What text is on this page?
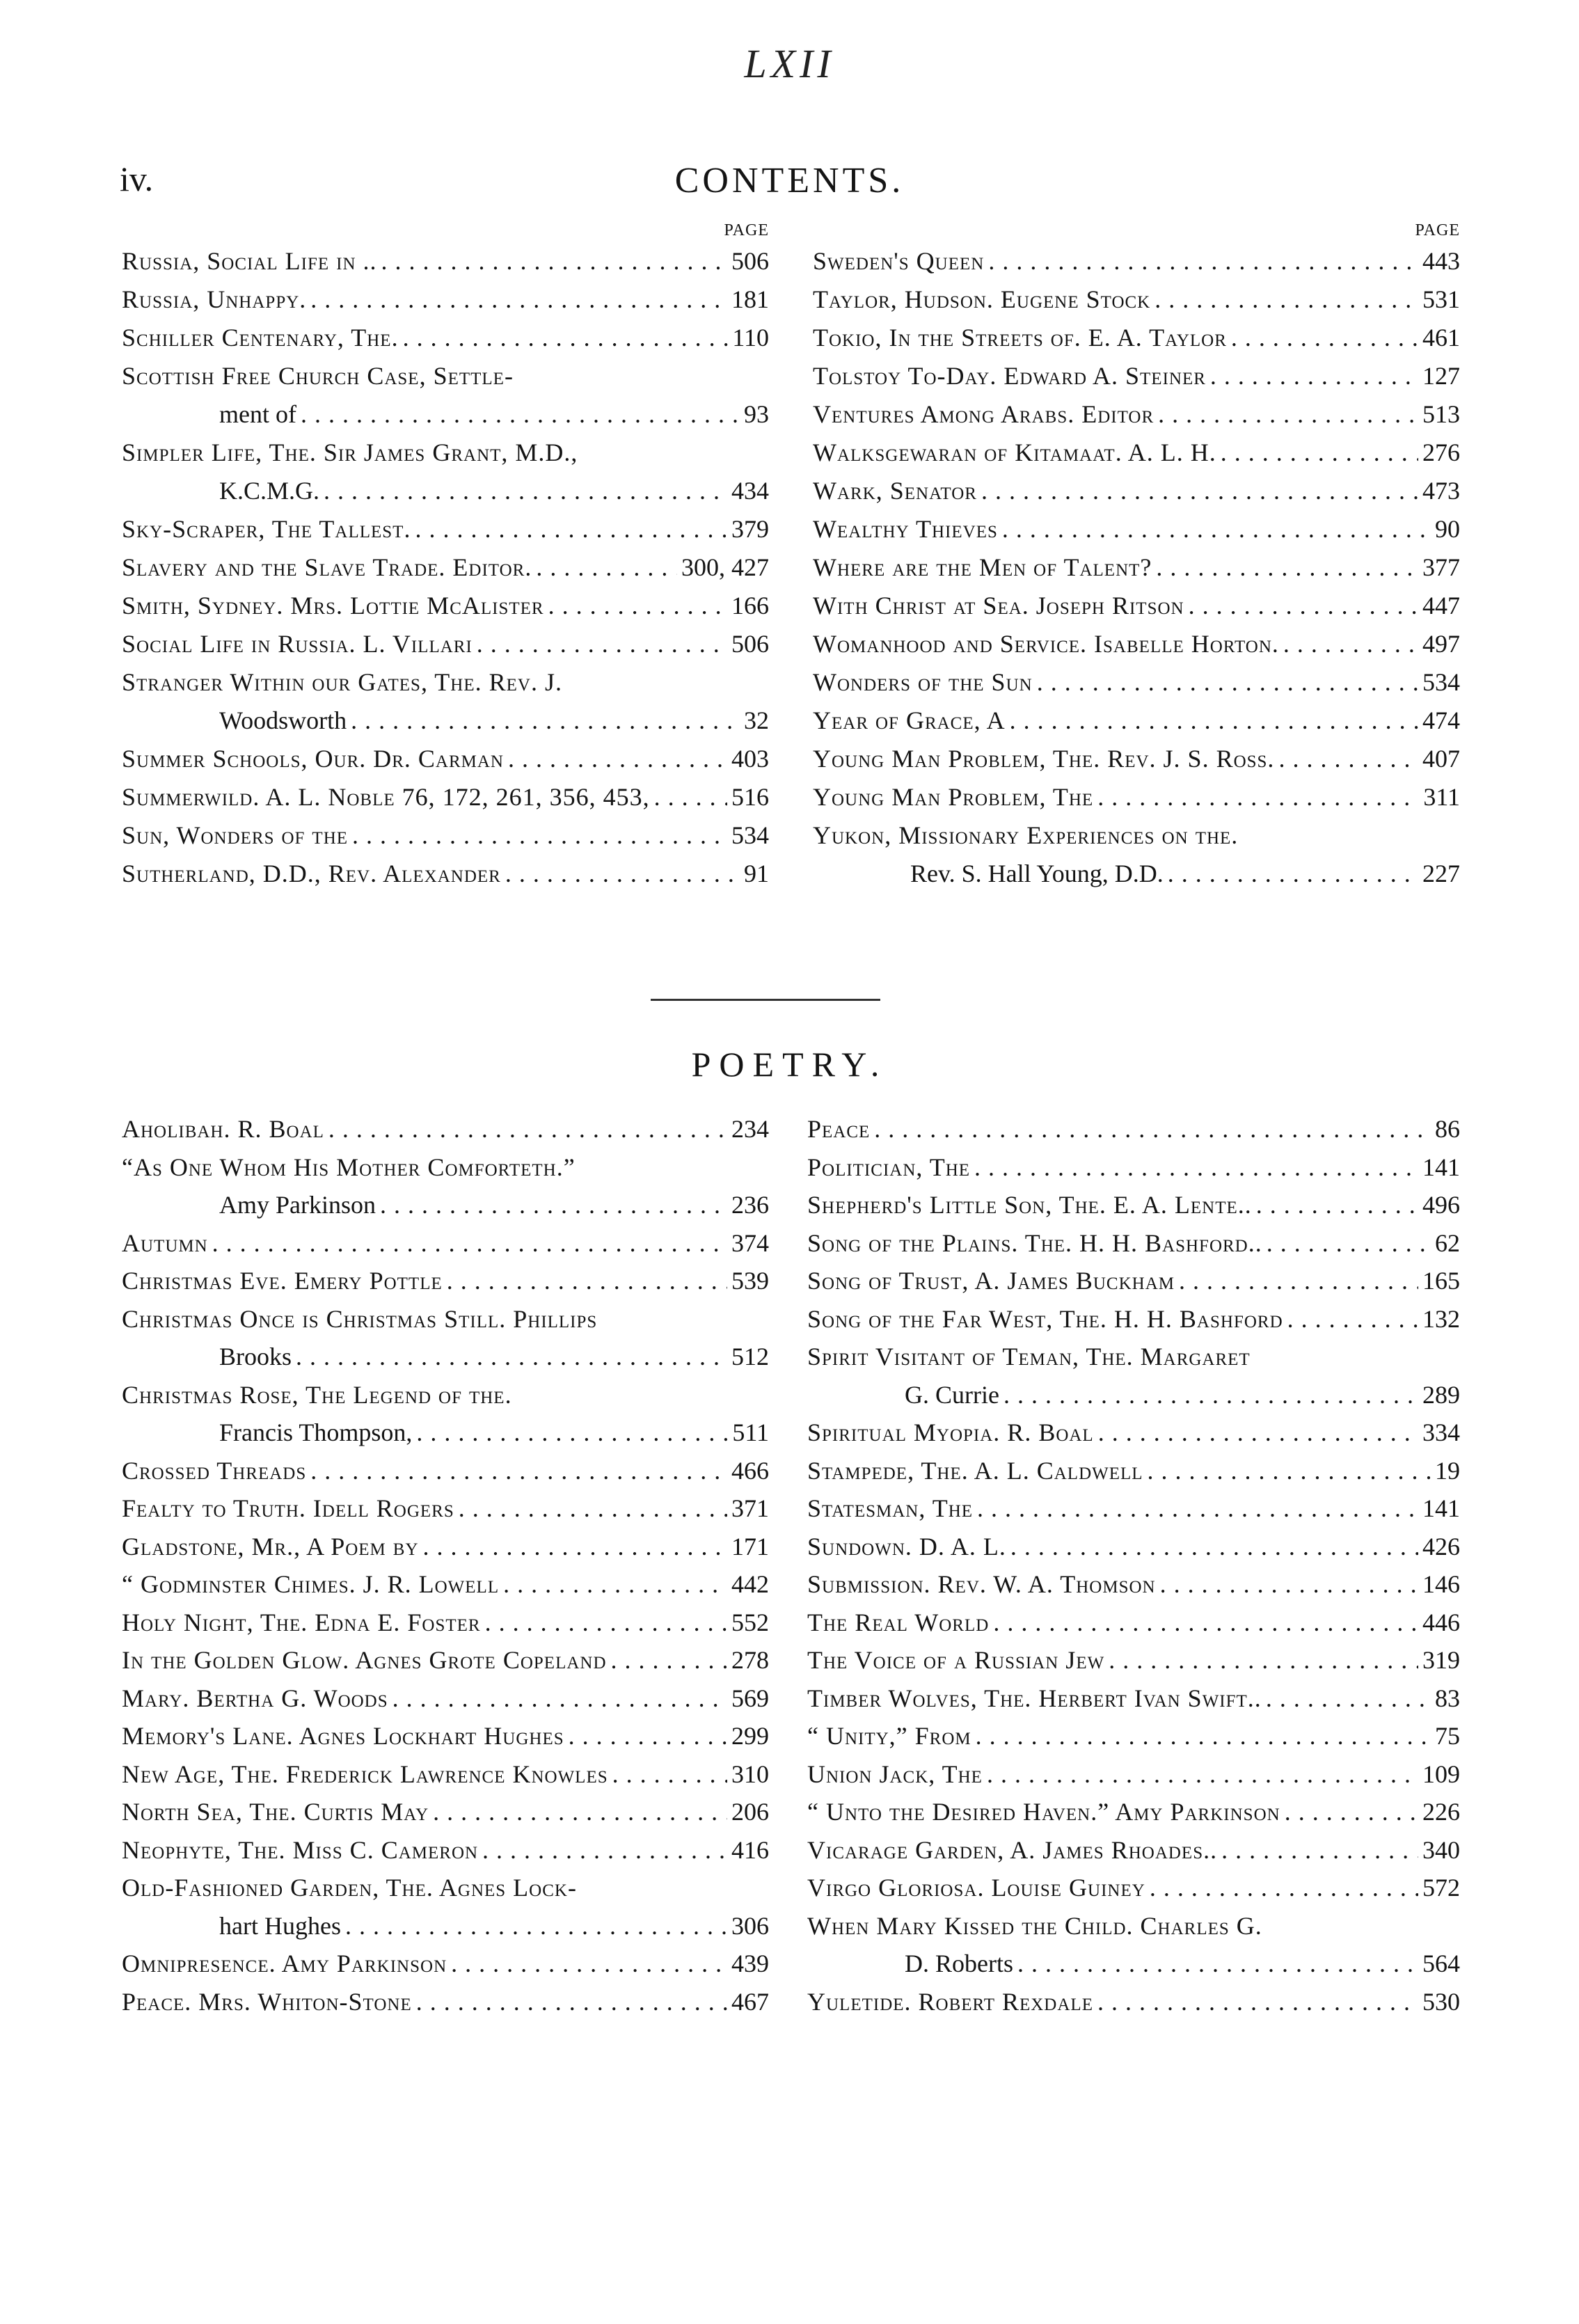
LXII
iv.	CONTENTS.
PAGE
Russia, Social Life in .. . . .	506
Russia, Unhappy. . . .	181
Schiller Centenary, The. . . .	110
Scottish Free Church Case, Settle-
ment of . . .	93
Simpler Life, The. Sir James Grant, M.D.,
K.C.M.G. . . .	434
Sky-Scraper, The Tallest. . . .	379
Slavery and the Slave Trade. Editor. . . .	300, 427
Smith, Sydney. Mrs. Lottie McAlister . . .	166
Social Life in Russia. L. Villari . . .	506
Stranger Within our Gates, The. Rev. J.
Woodsworth . . .	32
Summer Schools, Our. Dr. Carman . . .	403
Summerwild. A. L. Noble 76, 172, 261, 356, 453, . . .	516
Sun, Wonders of the . . .	534
Sutherland, D.D., Rev. Alexander . . .	91
PAGE
Sweden's Queen . . .	443
Taylor, Hudson. Eugene Stock . . .	531
Tokio, In the Streets of. E. A. Taylor . . .	461
Tolstoy To-Day. Edward A. Steiner . . .	127
Ventures Among Arabs. Editor . . .	513
Walksgewaran of Kitamaat. A. L. H. . . .	276
Wark, Senator . . .	473
Wealthy Thieves . . .	90
Where are the Men of Talent? . . .	377
With Christ at Sea. Joseph Ritson . . .	447
Womanhood and Service. Isabelle Horton. . . .	497
Wonders of the Sun . . .	534
Year of Grace, A . . .	474
Young Man Problem, The. Rev. J. S. Ross. . . .	407
Young Man Problem, The . . .	311
Yukon, Missionary Experiences on the.
Rev. S. Hall Young, D.D. . . .	227
POETRY.
Aholibah. R. Boal . . .	234
“As One Whom His Mother Comforteth.”
Amy Parkinson . . .	236
Autumn . . .	374
Christmas Eve. Emery Pottle . . .	539
Christmas Once is Christmas Still. Phillips
Brooks . . .	512
Christmas Rose, The Legend of the.
Francis Thompson, . . .	511
Crossed Threads . . .	466
Fealty to Truth. Idell Rogers . . .	371
Gladstone, Mr., A Poem by . . .	171
“ Godminster Chimes. J. R. Lowell . . .	442
Holy Night, The. Edna E. Foster . . .	552
In the Golden Glow. Agnes Grote Copeland . . .	278
Mary. Bertha G. Woods . . .	569
Memory's Lane. Agnes Lockhart Hughes . . .	299
New Age, The. Frederick Lawrence Knowles . . .	310
North Sea, The. Curtis May . . .	206
Neophyte, The. Miss C. Cameron . . .	416
Old-Fashioned Garden, The. Agnes Lock-
hart Hughes . . .	306
Omnipresence. Amy Parkinson . . .	439
Peace. Mrs. Whiton-Stone . . .	467
Peace . . .	86
Politician, The . . .	141
Shepherd's Little Son, The. E. A. Lente.. . . .	496
Song of the Plains. The. H. H. Bashford.. . . .	62
Song of Trust, A. James Buckham . . .	165
Song of the Far West, The. H. H. Bashford . . .	132
Spirit Visitant of Teman, The. Margaret
G. Currie . . .	289
Spiritual Myopia. R. Boal . . .	334
Stampede, The. A. L. Caldwell . . .	19
Statesman, The . . .	141
Sundown. D. A. L. . . .	426
Submission. Rev. W. A. Thomson . . .	146
The Real World . . .	446
The Voice of a Russian Jew . . .	319
Timber Wolves, The. Herbert Ivan Swift.. . . .	83
“ Unity,” From . . .	75
Union Jack, The . . .	109
“ Unto the Desired Haven.” Amy Parkinson . . .	226
Vicarage Garden, A. James Rhoades.. . . .	340
Virgo Gloriosa. Louise Guiney . . .	572
When Mary Kissed the Child. Charles G.
D. Roberts . . .	564
Yuletide. Robert Rexdale . . .	530
